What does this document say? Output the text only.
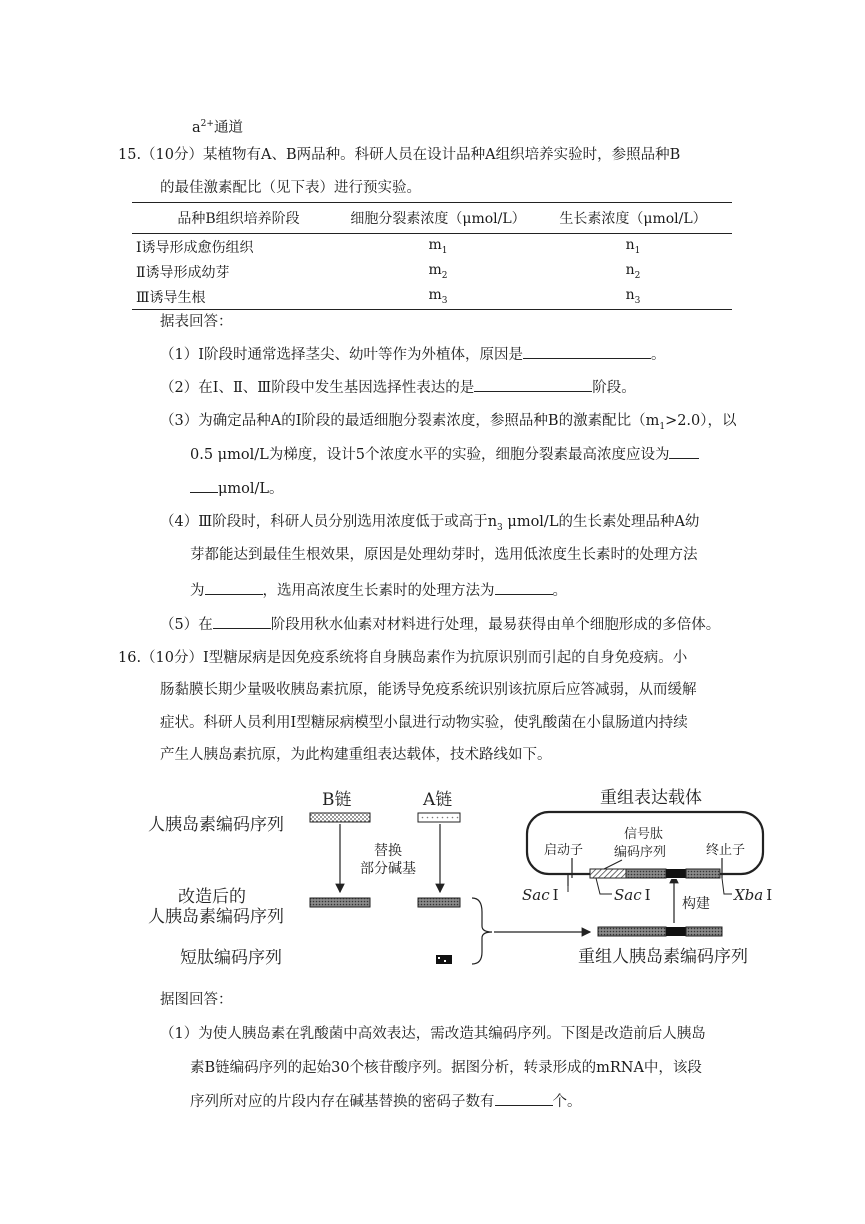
$a^{2+}$通道
15.（10分）某植物有A、B两品种。科研人员在设计品种A组织培养实验时，参照品种B
的最佳激素配比（见下表）进行预实验。
品种B组织培养阶段	细胞分裂素浓度（μmol/L）	生长素浓度（μmol/L）
Ⅰ诱导形成愈伤组织	$m_1$	$n_1$
Ⅱ诱导形成幼芽	$m_2$	$n_2$
Ⅲ诱导生根	$m_3$	$n_3$
据表回答：
（1）Ⅰ阶段时通常选择茎尖、幼叶等作为外植体，原因是	。
（2）在Ⅰ、Ⅱ、Ⅲ阶段中发生基因选择性表达的是	阶段。
（3）为确定品种A的Ⅰ阶段的最适细胞分裂素浓度，参照品种B的激素配比$(m_1>2.0)$，以
0.5 μmol/L为梯度，设计5个浓度水平的实验，细胞分裂素最高浓度应设为
μmol/L。
（4）Ⅲ阶段时，科研人员分别选用浓度低于或高于$n_3$ μmol/L的生长素处理品种A幼
芽都能达到最佳生根效果，原因是处理幼芽时，选用低浓度生长素时的处理方法
为	，选用高浓度生长素时的处理方法为	。
（5）在	阶段用秋水仙素对材料进行处理，最易获得由单个细胞形成的多倍体。
16.（10分）Ⅰ型糖尿病是因免疫系统将自身胰岛素作为抗原识别而引起的自身免疫病。小
肠黏膜长期少量吸收胰岛素抗原，能诱导免疫系统识别该抗原后应答减弱，从而缓解
症状。科研人员利用Ⅰ型糖尿病模型小鼠进行动物实验，使乳酸菌在小鼠肠道内持续
产生人胰岛素抗原，为此构建重组表达载体，技术路线如下。
人胰岛素编码序列
改造后的
人胰岛素编码序列
短肽编码序列
B链	A链
替换
部分碱基
重组人胰岛素编码序列
构建
重组表达载体
启动子
信号肽
编码序列	终止子
Sac Ⅰ	Sac Ⅰ	Xba Ⅰ
据图回答：
（1）为使人胰岛素在乳酸菌中高效表达，需改造其编码序列。下图是改造前后人胰岛
素B链编码序列的起始30个核苷酸序列。据图分析，转录形成的mRNA中，该段
序列所对应的片段内存在碱基替换的密码子数有	个。
